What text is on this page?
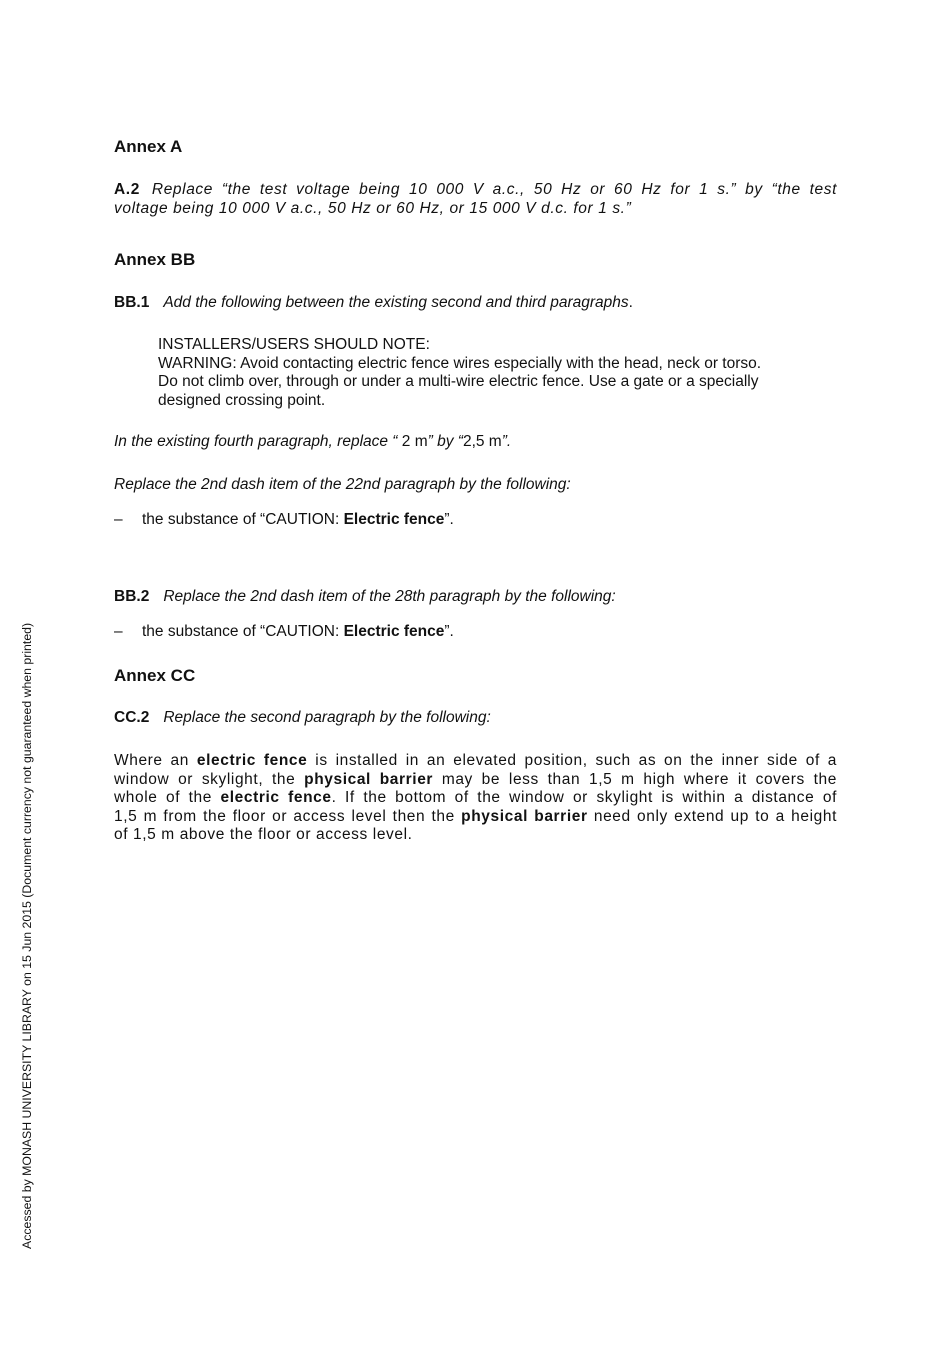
Annex A
A.2 Replace “the test voltage being 10 000 V a.c., 50 Hz or 60 Hz for 1 s.” by “the test
voltage being 10 000 V a.c., 50 Hz or 60 Hz, or 15 000 V d.c. for 1 s.”
Annex BB
BB.1 Add the following between the existing second and third paragraphs.
INSTALLERS/USERS SHOULD NOTE:
WARNING: Avoid contacting electric fence wires especially with the head, neck or torso.
Do not climb over, through or under a multi-wire electric fence. Use a gate or a specially
designed crossing point.
In the existing fourth paragraph, replace “ 2 m” by “2,5 m”.
Replace the 2nd dash item of the 22nd paragraph by the following:
– the substance of “CAUTION: Electric fence”.
BB.2 Replace the 2nd dash item of the 28th paragraph by the following:
– the substance of “CAUTION: Electric fence”.
Annex CC
CC.2 Replace the second paragraph by the following:
Where an electric fence is installed in an elevated position, such as on the inner side of a
window or skylight, the physical barrier may be less than 1,5 m high where it covers the
whole of the electric fence. If the bottom of the window or skylight is within a distance of
1,5 m from the floor or access level then the physical barrier need only extend up to a height
of 1,5 m above the floor or access level.
Accessed by MONASH UNIVERSITY LIBRARY on 15 Jun 2015 (Document currency not guaranteed when printed)
